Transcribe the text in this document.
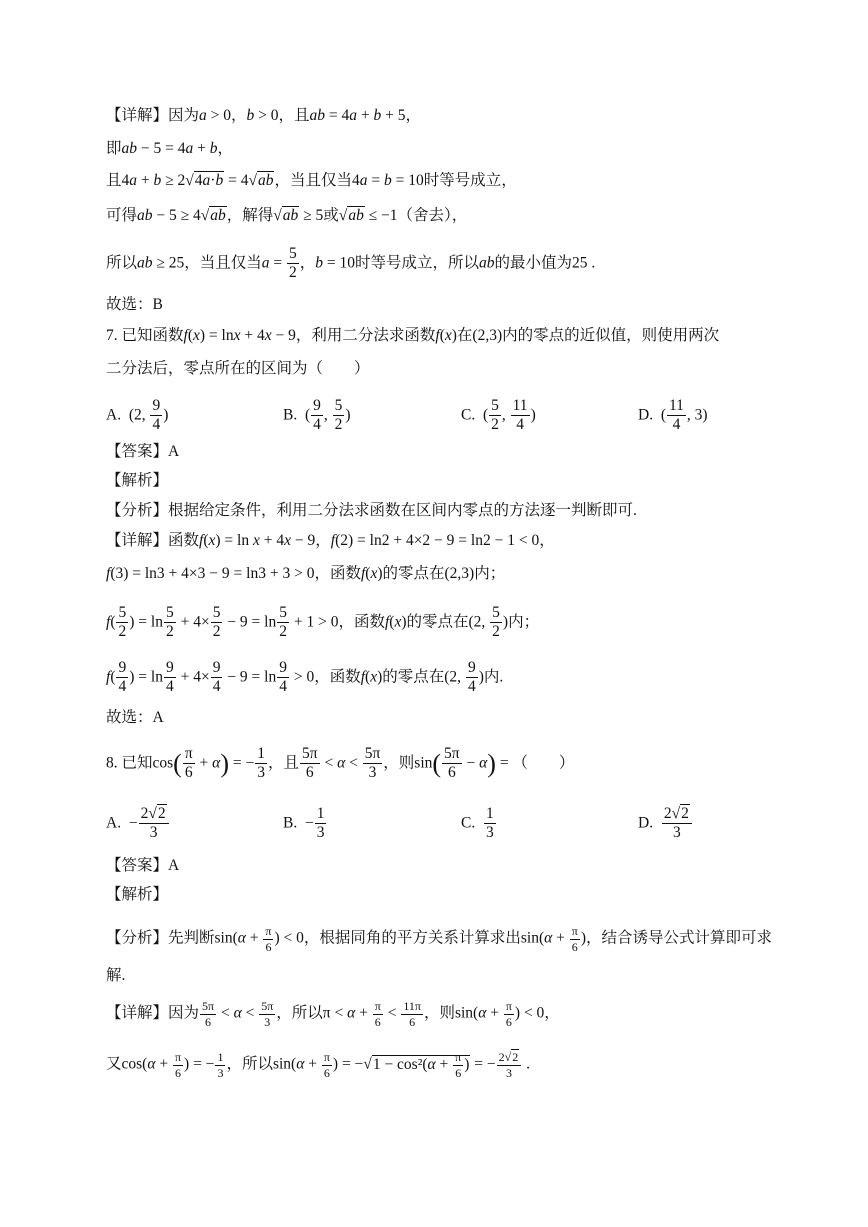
【详解】因为a > 0，b > 0，且ab = 4a + b + 5，
即ab − 5 = 4a + b，
且4a + b ≥ 2√4a·b = 4√ab，当且仅当4a = b = 10时等号成立，
可得ab − 5 ≥ 4√ab，解得√ab ≥ 5或√ab ≤ −1（舍去），
所以ab ≥ 25，当且仅当$a = \frac{5}{2}$ ，b = 10时等号成立，所以ab的最小值为25 .
故选：B
7. 已知函数f(x) = lnx + 4x − 9，利用二分法求函数f(x)在(2,3)内的零点的近似值，则使用两次
二分法后，零点所在的区间为（　　）
A.  (2, $\frac{9}{4}$ )	B.  ( $\frac{9}{4}$ , $\frac{5}{2}$ )	C.  ( $\frac{5}{2}$ , $\frac{11}{4}$ )	D.  ( $\frac{11}{4}$ , 3)
【答案】A
【解析】
【分析】根据给定条件，利用二分法求函数在区间内零点的方法逐一判断即可.
【详解】函数f(x) = ln x + 4x − 9，f(2) = ln2 + 4×2 − 9 = ln2 − 1 < 0，
f(3) = ln3 + 4×3 − 9 = ln3 + 3 > 0，函数f(x)的零点在(2,3)内；
$f( \frac{5}{2}$ ) = $\ln \frac{5}{2} + 4\times \frac{5}{2} - 9 = \ln \frac{5}{2} + 1 > 0$，函数f(x)的零点在(2, $\frac{5}{2}$ )内；
$f( \frac{9}{4}$ ) = $\ln \frac{9}{4} + 4\times \frac{9}{4} - 9 = \ln \frac{9}{4} > 0$，函数f(x)的零点在(2, $\frac{9}{4}$ )内.
故选：A
8. 已知$\cos( \frac{\pi}{6} + \alpha)$ = − $\frac{1}{3}$ ，且 $\frac{5\pi}{6} < \alpha < \frac{5\pi}{3}$ ，则$\sin( \frac{5\pi}{6} - \alpha)$ = （　　）
A.  − $\frac{2√2}{3}$	B.  − $\frac{1}{3}$	C. $\frac{1}{3}$	D. $\frac{2√2}{3}$
【答案】A
【解析】
【分析】先判断$\sin(\alpha + \frac{\pi}{6}$ ) < 0，根据同角的平方关系计算求出$\sin(\alpha + \frac{\pi}{6}$ )，结合诱导公式计算即可求
解.
【详解】因为 $\frac{5\pi}{6} < \alpha < \frac{5\pi}{3}$ ，所以$\pi < \alpha + \frac{\pi}{6} < \frac{11\pi}{6}$ ，则$\sin(\alpha + \frac{\pi}{6}$ ) < 0，
又$\cos(\alpha + \frac{\pi}{6}$ ) = − $\frac{1}{3}$ ，所以$\sin(\alpha + \frac{\pi}{6}$ ) = $-√1 - \cos^2(\alpha + \frac{\pi}{6}$ ) = − $\frac{2√2}{3}$ .
